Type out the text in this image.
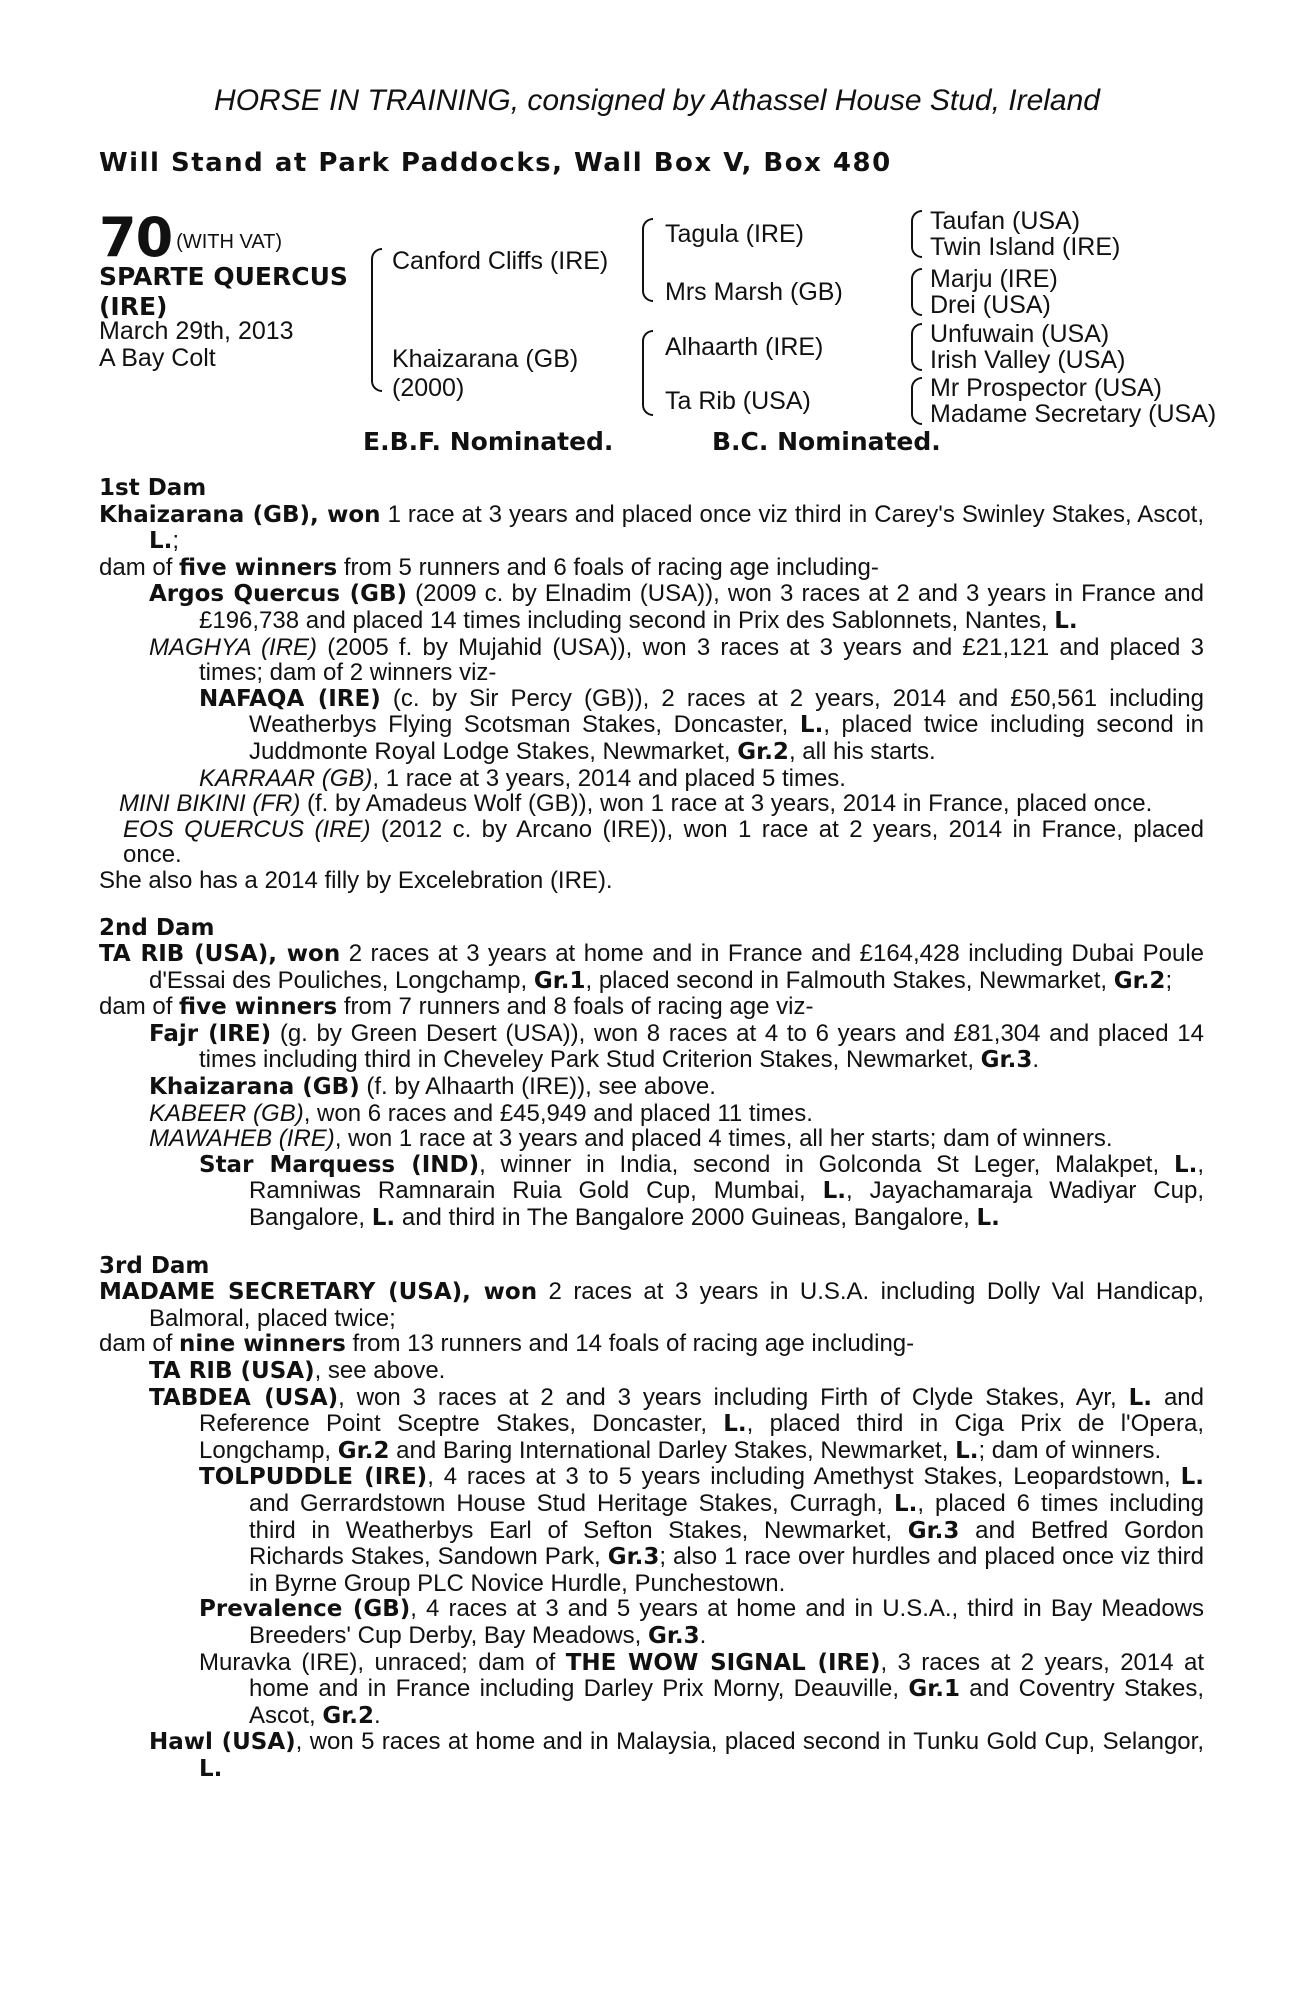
HORSE IN TRAINING, consigned by Athassel House Stud, Ireland
Will Stand at Park Paddocks, Wall Box V, Box 480
70 (WITH VAT)
SPARTE QUERCUS
(IRE)
March 29th, 2013
A Bay Colt
Canford Cliffs (IRE)
Khaizarana (GB)
(2000)
Tagula (IRE)
Mrs Marsh (GB)
Alhaarth (IRE)
Ta Rib (USA)
Taufan (USA)
Twin Island (IRE)
Marju (IRE)
Drei (USA)
Unfuwain (USA)
Irish Valley (USA)
Mr Prospector (USA)
Madame Secretary (USA)
E.B.F. Nominated.	B.C. Nominated.
1st Dam
Khaizarana (GB), won 1 race at 3 years and placed once viz third in Carey's Swinley Stakes, Ascot, L.;
dam of five winners from 5 runners and 6 foals of racing age including-
Argos Quercus (GB) (2009 c. by Elnadim (USA)), won 3 races at 2 and 3 years in France and £196,738 and placed 14 times including second in Prix des Sablonnets, Nantes, L.
MAGHYA (IRE) (2005 f. by Mujahid (USA)), won 3 races at 3 years and £21,121 and placed 3 times; dam of 2 winners viz-
NAFAQA (IRE) (c. by Sir Percy (GB)), 2 races at 2 years, 2014 and £50,561 including Weatherbys Flying Scotsman Stakes, Doncaster, L., placed twice including second in Juddmonte Royal Lodge Stakes, Newmarket, Gr.2, all his starts.
KARRAAR (GB), 1 race at 3 years, 2014 and placed 5 times.
MINI BIKINI (FR) (f. by Amadeus Wolf (GB)), won 1 race at 3 years, 2014 in France, placed once.
EOS QUERCUS (IRE) (2012 c. by Arcano (IRE)), won 1 race at 2 years, 2014 in France, placed once.
She also has a 2014 filly by Excelebration (IRE).
2nd Dam
TA RIB (USA), won 2 races at 3 years at home and in France and £164,428 including Dubai Poule d'Essai des Pouliches, Longchamp, Gr.1, placed second in Falmouth Stakes, Newmarket, Gr.2;
dam of five winners from 7 runners and 8 foals of racing age viz-
Fajr (IRE) (g. by Green Desert (USA)), won 8 races at 4 to 6 years and £81,304 and placed 14 times including third in Cheveley Park Stud Criterion Stakes, Newmarket, Gr.3.
Khaizarana (GB) (f. by Alhaarth (IRE)), see above.
KABEER (GB), won 6 races and £45,949 and placed 11 times.
MAWAHEB (IRE), won 1 race at 3 years and placed 4 times, all her starts; dam of winners.
Star Marquess (IND), winner in India, second in Golconda St Leger, Malakpet, L., Ramniwas Ramnarain Ruia Gold Cup, Mumbai, L., Jayachamaraja Wadiyar Cup, Bangalore, L. and third in The Bangalore 2000 Guineas, Bangalore, L.
3rd Dam
MADAME SECRETARY (USA), won 2 races at 3 years in U.S.A. including Dolly Val Handicap, Balmoral, placed twice;
dam of nine winners from 13 runners and 14 foals of racing age including-
TA RIB (USA), see above.
TABDEA (USA), won 3 races at 2 and 3 years including Firth of Clyde Stakes, Ayr, L. and Reference Point Sceptre Stakes, Doncaster, L., placed third in Ciga Prix de l'Opera, Longchamp, Gr.2 and Baring International Darley Stakes, Newmarket, L.; dam of winners.
TOLPUDDLE (IRE), 4 races at 3 to 5 years including Amethyst Stakes, Leopardstown, L. and Gerrardstown House Stud Heritage Stakes, Curragh, L., placed 6 times including third in Weatherbys Earl of Sefton Stakes, Newmarket, Gr.3 and Betfred Gordon Richards Stakes, Sandown Park, Gr.3; also 1 race over hurdles and placed once viz third in Byrne Group PLC Novice Hurdle, Punchestown.
Prevalence (GB), 4 races at 3 and 5 years at home and in U.S.A., third in Bay Meadows Breeders' Cup Derby, Bay Meadows, Gr.3.
Muravka (IRE), unraced; dam of THE WOW SIGNAL (IRE), 3 races at 2 years, 2014 at home and in France including Darley Prix Morny, Deauville, Gr.1 and Coventry Stakes, Ascot, Gr.2.
Hawl (USA), won 5 races at home and in Malaysia, placed second in Tunku Gold Cup, Selangor, L.
